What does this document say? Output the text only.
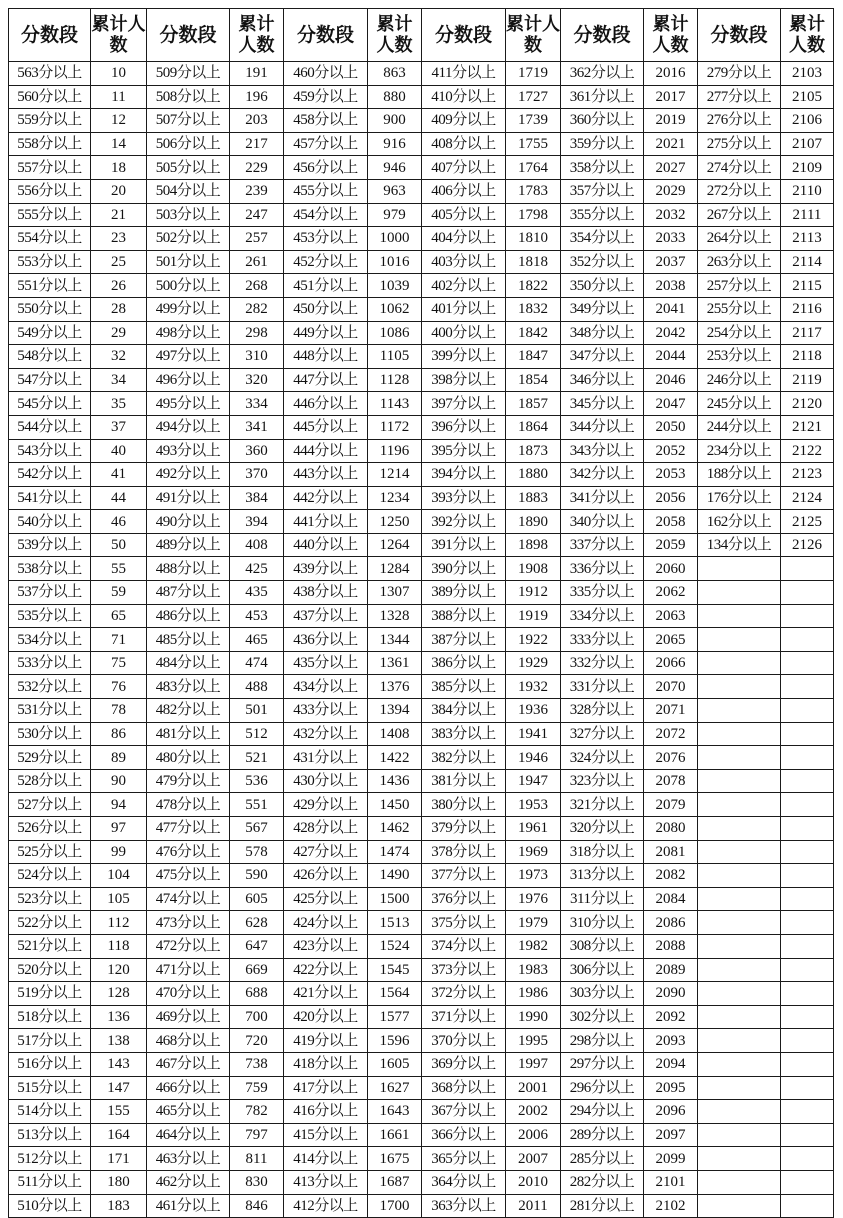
分数段	累计人数	分数段	累计人数	分数段	累计人数	分数段	累计人数	分数段	累计人数	分数段	累计人数
563分以上	10	509分以上	191	460分以上	863	411分以上	1719	362分以上	2016	279分以上	2103
560分以上	11	508分以上	196	459分以上	880	410分以上	1727	361分以上	2017	277分以上	2105
559分以上	12	507分以上	203	458分以上	900	409分以上	1739	360分以上	2019	276分以上	2106
558分以上	14	506分以上	217	457分以上	916	408分以上	1755	359分以上	2021	275分以上	2107
557分以上	18	505分以上	229	456分以上	946	407分以上	1764	358分以上	2027	274分以上	2109
556分以上	20	504分以上	239	455分以上	963	406分以上	1783	357分以上	2029	272分以上	2110
555分以上	21	503分以上	247	454分以上	979	405分以上	1798	355分以上	2032	267分以上	2111
554分以上	23	502分以上	257	453分以上	1000	404分以上	1810	354分以上	2033	264分以上	2113
553分以上	25	501分以上	261	452分以上	1016	403分以上	1818	352分以上	2037	263分以上	2114
551分以上	26	500分以上	268	451分以上	1039	402分以上	1822	350分以上	2038	257分以上	2115
550分以上	28	499分以上	282	450分以上	1062	401分以上	1832	349分以上	2041	255分以上	2116
549分以上	29	498分以上	298	449分以上	1086	400分以上	1842	348分以上	2042	254分以上	2117
548分以上	32	497分以上	310	448分以上	1105	399分以上	1847	347分以上	2044	253分以上	2118
547分以上	34	496分以上	320	447分以上	1128	398分以上	1854	346分以上	2046	246分以上	2119
545分以上	35	495分以上	334	446分以上	1143	397分以上	1857	345分以上	2047	245分以上	2120
544分以上	37	494分以上	341	445分以上	1172	396分以上	1864	344分以上	2050	244分以上	2121
543分以上	40	493分以上	360	444分以上	1196	395分以上	1873	343分以上	2052	234分以上	2122
542分以上	41	492分以上	370	443分以上	1214	394分以上	1880	342分以上	2053	188分以上	2123
541分以上	44	491分以上	384	442分以上	1234	393分以上	1883	341分以上	2056	176分以上	2124
540分以上	46	490分以上	394	441分以上	1250	392分以上	1890	340分以上	2058	162分以上	2125
539分以上	50	489分以上	408	440分以上	1264	391分以上	1898	337分以上	2059	134分以上	2126
538分以上	55	488分以上	425	439分以上	1284	390分以上	1908	336分以上	2060		
537分以上	59	487分以上	435	438分以上	1307	389分以上	1912	335分以上	2062		
535分以上	65	486分以上	453	437分以上	1328	388分以上	1919	334分以上	2063		
534分以上	71	485分以上	465	436分以上	1344	387分以上	1922	333分以上	2065		
533分以上	75	484分以上	474	435分以上	1361	386分以上	1929	332分以上	2066		
532分以上	76	483分以上	488	434分以上	1376	385分以上	1932	331分以上	2070		
531分以上	78	482分以上	501	433分以上	1394	384分以上	1936	328分以上	2071		
530分以上	86	481分以上	512	432分以上	1408	383分以上	1941	327分以上	2072		
529分以上	89	480分以上	521	431分以上	1422	382分以上	1946	324分以上	2076		
528分以上	90	479分以上	536	430分以上	1436	381分以上	1947	323分以上	2078		
527分以上	94	478分以上	551	429分以上	1450	380分以上	1953	321分以上	2079		
526分以上	97	477分以上	567	428分以上	1462	379分以上	1961	320分以上	2080		
525分以上	99	476分以上	578	427分以上	1474	378分以上	1969	318分以上	2081		
524分以上	104	475分以上	590	426分以上	1490	377分以上	1973	313分以上	2082		
523分以上	105	474分以上	605	425分以上	1500	376分以上	1976	311分以上	2084		
522分以上	112	473分以上	628	424分以上	1513	375分以上	1979	310分以上	2086		
521分以上	118	472分以上	647	423分以上	1524	374分以上	1982	308分以上	2088		
520分以上	120	471分以上	669	422分以上	1545	373分以上	1983	306分以上	2089		
519分以上	128	470分以上	688	421分以上	1564	372分以上	1986	303分以上	2090		
518分以上	136	469分以上	700	420分以上	1577	371分以上	1990	302分以上	2092		
517分以上	138	468分以上	720	419分以上	1596	370分以上	1995	298分以上	2093		
516分以上	143	467分以上	738	418分以上	1605	369分以上	1997	297分以上	2094		
515分以上	147	466分以上	759	417分以上	1627	368分以上	2001	296分以上	2095		
514分以上	155	465分以上	782	416分以上	1643	367分以上	2002	294分以上	2096		
513分以上	164	464分以上	797	415分以上	1661	366分以上	2006	289分以上	2097		
512分以上	171	463分以上	811	414分以上	1675	365分以上	2007	285分以上	2099		
511分以上	180	462分以上	830	413分以上	1687	364分以上	2010	282分以上	2101		
510分以上	183	461分以上	846	412分以上	1700	363分以上	2011	281分以上	2102		
